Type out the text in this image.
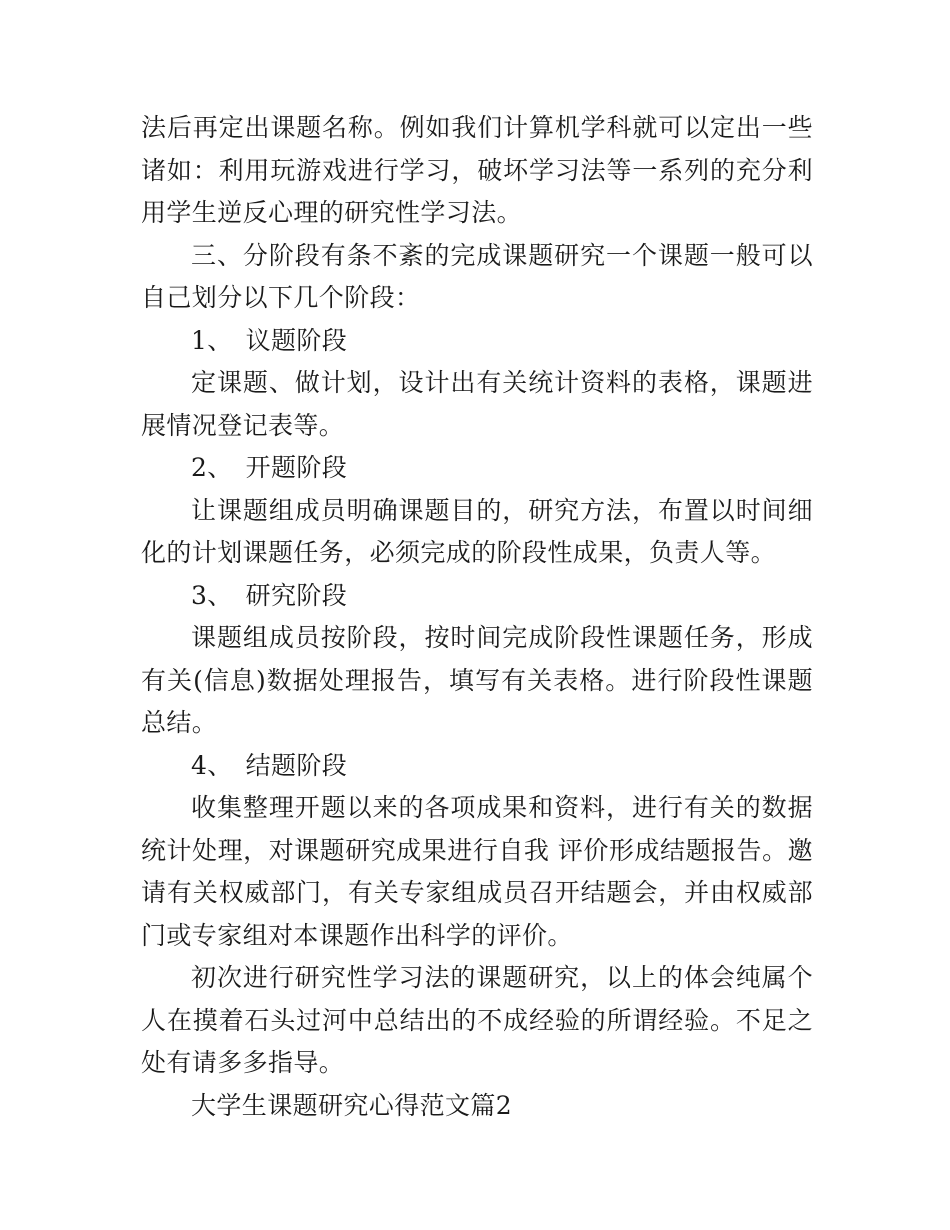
法后再定出课题名称。例如我们计算机学科就可以定出一些诸如：利用玩游戏进行学习，破坏学习法等一系列的充分利用学生逆反心理的研究性学习法。

三、分阶段有条不紊的完成课题研究一个课题一般可以自己划分以下几个阶段：

1、　议题阶段

定课题、做计划，设计出有关统计资料的表格，课题进展情况登记表等。

2、　开题阶段

让课题组成员明确课题目的，研究方法，布置以时间细化的计划课题任务，必须完成的阶段性成果，负责人等。

3、　研究阶段

课题组成员按阶段，按时间完成阶段性课题任务，形成有关(信息)数据处理报告，填写有关表格。进行阶段性课题总结。

4、　结题阶段

收集整理开题以来的各项成果和资料，进行有关的数据统计处理，对课题研究成果进行自我 评价形成结题报告。邀请有关权威部门，有关专家组成员召开结题会，并由权威部门或专家组对本课题作出科学的评价。

初次进行研究性学习法的课题研究，以上的体会纯属个人在摸着石头过河中总结出的不成经验的所谓经验。不足之处有请多多指导。

大学生课题研究心得范文篇2
